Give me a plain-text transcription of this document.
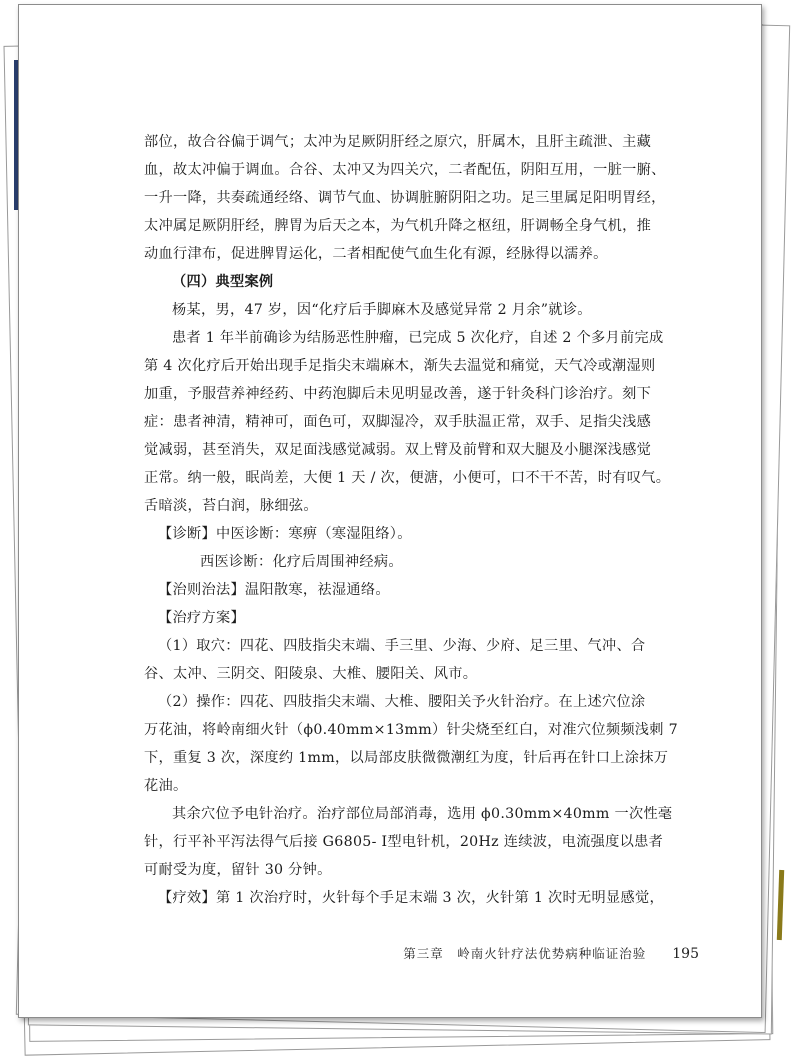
部位，故合谷偏于调气；太冲为足厥阴肝经之原穴，肝属木，且肝主疏泄、主藏
血，故太冲偏于调血。合谷、太冲又为四关穴，二者配伍，阴阳互用，一脏一腑、
一升一降，共奏疏通经络、调节气血、协调脏腑阴阳之功。足三里属足阳明胃经，
太冲属足厥阴肝经，脾胃为后天之本，为气机升降之枢纽，肝调畅全身气机，推
动血行津布，促进脾胃运化，二者相配使气血生化有源，经脉得以濡养。
（四）典型案例
杨某，男，47 岁，因“化疗后手脚麻木及感觉异常 2 月余”就诊。
患者 1 年半前确诊为结肠恶性肿瘤，已完成 5 次化疗，自述 2 个多月前完成
第 4 次化疗后开始出现手足指尖末端麻木，渐失去温觉和痛觉，天气冷或潮湿则
加重，予服营养神经药、中药泡脚后未见明显改善，遂于针灸科门诊治疗。刻下
症：患者神清，精神可，面色可，双脚湿冷，双手肤温正常，双手、足指尖浅感
觉减弱，甚至消失，双足面浅感觉减弱。双上臂及前臂和双大腿及小腿深浅感觉
正常。纳一般，眠尚差，大便 1 天 / 次，便溏，小便可，口不干不苦，时有叹气。
舌暗淡，苔白润，脉细弦。
【诊断】中医诊断：寒痹（寒湿阻络）。
西医诊断：化疗后周围神经病。
【治则治法】温阳散寒，祛湿通络。
【治疗方案】
（1）取穴：四花、四肢指尖末端、手三里、少海、少府、足三里、气冲、合
谷、太冲、三阴交、阳陵泉、大椎、腰阳关、风市。
（2）操作：四花、四肢指尖末端、大椎、腰阳关予火针治疗。在上述穴位涂
万花油，将岭南细火针（ϕ0.40mm×13mm）针尖烧至红白，对准穴位频频浅刺 7
下，重复 3 次，深度约 1mm，以局部皮肤微微潮红为度，针后再在针口上涂抹万
花油。
其余穴位予电针治疗。治疗部位局部消毒，选用 ϕ0.30mm×40mm 一次性毫
针，行平补平泻法得气后接 G6805- Ⅰ型电针机，20Hz 连续波，电流强度以患者
可耐受为度，留针 30 分钟。
【疗效】第 1 次治疗时，火针每个手足末端 3 次，火针第 1 次时无明显感觉，
第三章　岭南火针疗法优势病种临证治验 195
